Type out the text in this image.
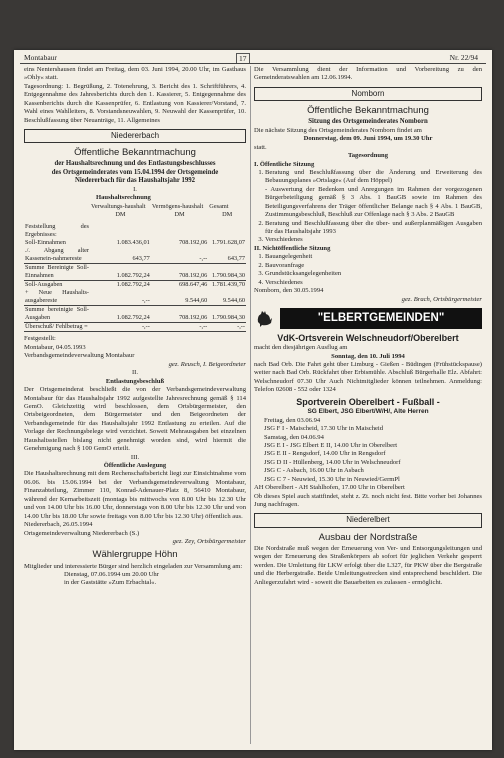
Montabaur	17	Nr. 22/94

eins Nentershausen findet am Freitag, dem 03. Juni 1994, 20.00 Uhr, im Gasthaus »Ohly« statt.

Tagesordnung: 1. Begrüßung, 2. Totenehrung, 3. Bericht des 1. Schriftführers, 4. Entgegennahme des Jahresberichts durch den 1. Kassierer, 5. Entgegennahme des Kassenberichts durch die Kassenprüfer, 6. Entlastung von Kassierer/Vorstand, 7. Wahl eines Wahlleiters, 8. Vorstandsneuwahlen, 9. Neuwahl der Kassenprüfer, 10. Beschlußfassung über Neuanträge, 11. Allgemeines

Niedererbach
Öffentliche Bekanntmachung
der Haushaltsrechnung und des Entlastungsbeschlusses
des Ortsgemeinderates vom 15.04.1994 der Ortsgemeinde
Niedererbach für das Haushaltsjahr 1992
I.
Haushaltsrechnung
	Verwaltungs-haushalt	Vermögens-haushalt	Gesamt
	DM	DM	DM

Feststellung des Ergebnisses:			
Soll-Einnahmen	1.083.436,01	708.192,06	1.791.628,07
./. Abgang alter Kassenein-nahmereste	643,77	-,--	643,77
Summe Bereinigte Soll-Einnahmen	1.082.792,24	708.192,06	1.790.984,30
Soll-Ausgaben	1.082.792,24	698.647,46	1.781.439,70
+ Neue Haushalts-ausgabereste	-,--	9.544,60	9.544,60
Summe bereinigte Soll-Ausgaben	1.082.792,24	708.192,06	1.790.984,30
Überschuß/ Fehlbetrag =	-,--	-,--	-,--

Festgestellt:

Montabaur, 04.05.1993

Verbandsgemeindeverwaltung Montabaur

gez. Reusch, I. Beigeordneter

II.
Entlastungsbeschluß

Der Ortsgemeinderat beschließt die von der Verbandsgemeindeverwaltung Montabaur für das Haushaltsjahr 1992 aufgestellte Jahresrechnung gemäß § 114 GemO. Gleichzeitig wird beschlossen, dem Ortsbürgermeister, den Ortsbeigeordneten, dem Bürgermeister und den Beigeordneten der Verbandsgemeinde für das Haushaltsjahr 1992 Entlastung zu erteilen. Auf die Vorlage der Rechnungsbelege wird verzichtet. Soweit Mehrausgaben bei einzelnen Haushaltsstellen bislang nicht genehmigt worden sind, wird hiermit die Genehmigung nach § 100 GemO erteilt.

III.
Öffentliche Auslegung

Die Haushaltsrechnung mit dem Rechenschaftsbericht liegt zur Einsichtnahme vom 06.06. bis 15.06.1994 bei der Verbandsgemeindeverwaltung Montabaur, Finanzabteilung, Zimmer 110, Konrad-Adenauer-Platz 8, 56410 Montabaur, während der Kernarbeitszeit (montags bis mittwochs von 8.00 Uhr bis 12.30 Uhr und von 14.00 Uhr bis 16.00 Uhr, donnerstags von 8.00 Uhr bis 12.30 Uhr und von 14.00 Uhr bis 18.00 Uhr sowie freitags von 8.00 Uhr bis 12.30 Uhr) öffentlich aus.

Niedererbach, 26.05.1994

Ortsgemeindeverwaltung Niedererbach (S.)

gez. Zey, Ortsbürgermeister

Wählergruppe Höhn

Mitglieder und interessierte Bürger sind herzlich eingeladen zur Versammlung am:

Dienstag, 07.06.1994 um 20.00 Uhr

in der Gaststätte »Zum Erbachtal«.

Die Versammlung dient der Information und Vorbereitung zu den Gemeinderatswahlen am 12.06.1994.

Nomborn
Öffentliche Bekanntmachung
Sitzung des Ortsgemeinderates Nomborn

Die nächste Sitzung des Ortsgemeinderates Nomborn findet am

Donnerstag, dem 09. Juni 1994, um 19.30 Uhr

statt.

Tagesordnung

I. Öffentliche Sitzung

1. Beratung und Beschlußfassung über die Änderung und Erweiterung des Bebauungsplanes »Ortslage« (Auf dem Höppel)
- Auswertung der Bedenken und Anregungen im Rahmen der vorgezogenen Bürgerbeteiligung gemäß § 3 Abs. 1 BauGB sowie im Rahmen des Beteiligungsverfahrens der Träger öffentlicher Belange nach § 4 Abs. 1 BauGB, Zustimmungsbeschluß, Beschluß zur Offenlage nach § 3 Abs. 2 BauGB
2. Beratung und Beschlußfassung über die über- und außerplanmäßigen Ausgaben für das Haushaltsjahr 1993
3. Verschiedenes

II. Nichtöffentliche Sitzung

1. Bauangelegenheit
2. Bauvoranfrage
3. Grundstücksangelegenheiten
4. Verschiedenes

Nomborn, den 30.05.1994

gez. Brach, Ortsbürgermeister

"ELBERTGEMEINDEN"
VdK-Ortsverein Welschneudorf/Oberelbert

macht den diesjährigen Ausflug am

Sonntag, den 10. Juli 1994

nach Bad Orb. Die Fahrt geht über Limburg - Gießen - Büdingen (Frühstückspause) weiter nach Bad Orb. Rückfahrt über Erbismühle. Abschluß Bürgerhalle Elz. Abfahrt: Welschneudorf 07.30 Uhr Auch Nichtmitglieder können teilnehmen. Anmeldung: Telefon 02608 - 552 oder 1324

Sportverein Oberelbert - Fußball -
SG Elbert, JSG Elbert/W/H/, Alte Herren
Freitag, den 03.06.94
JSG F I - Maischeid, 17.30 Uhr in Maischeid
Samstag, den 04.06.94
JSG E I - JSG Elbert E II, 14.00 Uhr in Oberelbert
JSG E II - Rengsdorf, 14.00 Uhr in Rengsdorf
JSG D II - Hüllenberg, 14.00 Uhr in Welschneudorf
JSG C - Asbach, 16.00 Uhr in Asbach
JSG C 7 - Neuwied, 15.30 Uhr in Neuwied/GermPl

AH Oberelbert - AH Stahlhofen, 17.00 Uhr in Oberelbert

Ob dieses Spiel auch stattfindet, steht z. Zt. noch nicht fest. Bitte vorher bei Johannes Jung nachfragen.

Niederelbert
Ausbau der Nordstraße

Die Nordstraße muß wegen der Erneuerung von Ver- und Entsorgungsleitungen und wegen der Erneuerung des Straßenkörpers ab sofort für jeglichen Verkehr gesperrt werden. Die Umleitung für LKW erfolgt über die L327, für PKW über die Bergstraße und die Herbergstraße. Beide Umleitungsstrecken sind entsprechend beschildert. Die Anliegerzufahrt wird - soweit die Bauarbeiten es zulassen - ermöglicht.
